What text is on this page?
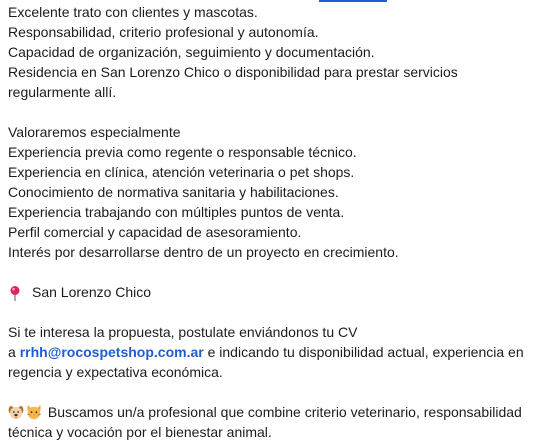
Excelente trato con clientes y mascotas.
Responsabilidad, criterio profesional y autonomía.
Capacidad de organización, seguimiento y documentación.
Residencia en San Lorenzo Chico o disponibilidad para prestar servicios regularmente allí.
Valoraremos especialmente
Experiencia previa como regente o responsable técnico.
Experiencia en clínica, atención veterinaria o pet shops.
Conocimiento de normativa sanitaria y habilitaciones.
Experiencia trabajando con múltiples puntos de venta.
Perfil comercial y capacidad de asesoramiento.
Interés por desarrollarse dentro de un proyecto en crecimiento.
San Lorenzo Chico
Si te interesa la propuesta, postulate enviándonos tu CV
a rrhh@rocospetshop.com.ar e indicando tu disponibilidad actual, experiencia en regencia y expectativa económica.
Buscamos un/a profesional que combine criterio veterinario, responsabilidad técnica y vocación por el bienestar animal.
